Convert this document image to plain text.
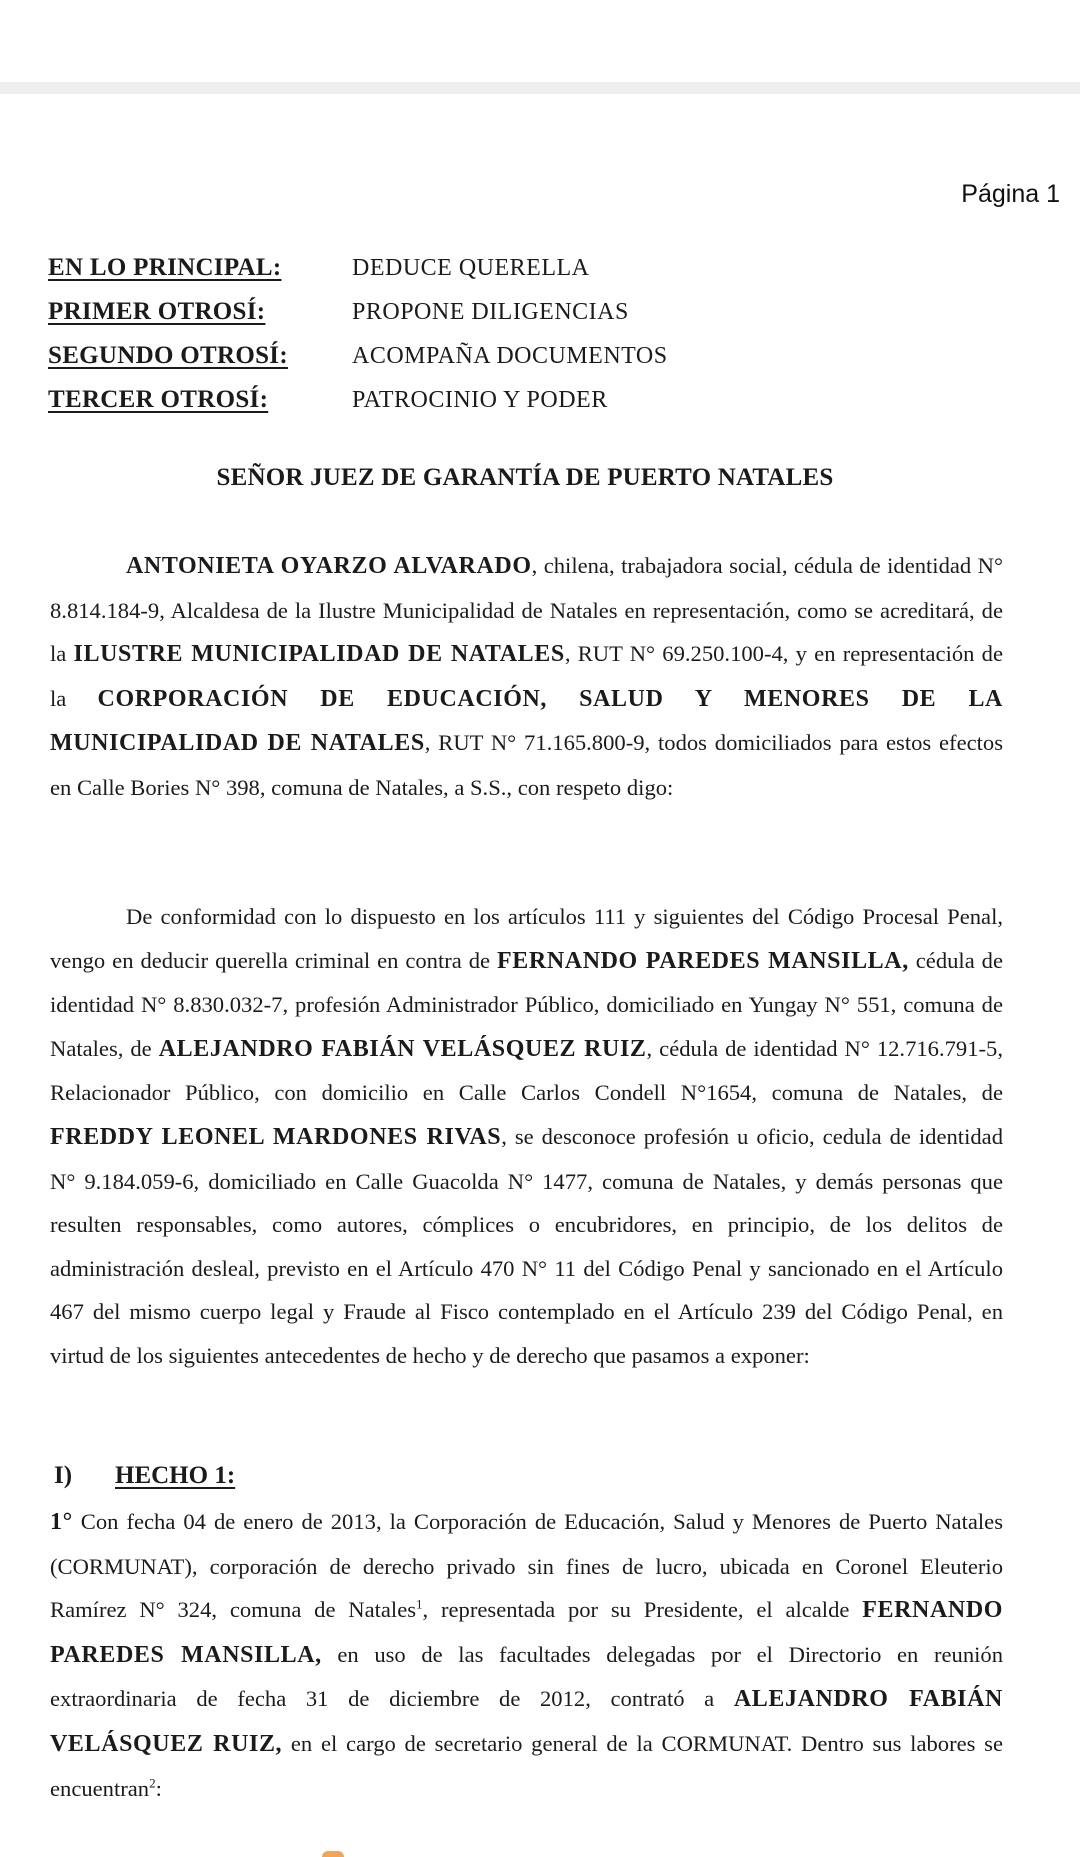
Página 1
EN LO PRINCIPAL:	DEDUCE QUERELLA
PRIMER OTROSÍ:	PROPONE DILIGENCIAS
SEGUNDO OTROSÍ:	ACOMPAÑA DOCUMENTOS
TERCER OTROSÍ:	PATROCINIO Y PODER
SEÑOR JUEZ DE GARANTÍA DE PUERTO NATALES

ANTONIETA OYARZO ALVARADO, chilena, trabajadora social, cédula de identidad N° 8.814.184-9, Alcaldesa de la Ilustre Municipalidad de Natales en representación, como se acreditará, de la ILUSTRE MUNICIPALIDAD DE NATALES, RUT N° 69.250.100-4, y en representación de la CORPORACIÓN DE EDUCACIÓN, SALUD Y MENORES DE LA MUNICIPALIDAD DE NATALES, RUT N° 71.165.800-9, todos domiciliados para estos efectos en Calle Bories N° 398, comuna de Natales, a S.S., con respeto digo:

De conformidad con lo dispuesto en los artículos 111 y siguientes del Código Procesal Penal, vengo en deducir querella criminal en contra de FERNANDO PAREDES MANSILLA, cédula de identidad N° 8.830.032-7, profesión Administrador Público, domiciliado en Yungay N° 551, comuna de Natales, de ALEJANDRO FABIÁN VELÁSQUEZ RUIZ, cédula de identidad N° 12.716.791-5, Relacionador Público, con domicilio en Calle Carlos Condell N°1654, comuna de Natales, de FREDDY LEONEL MARDONES RIVAS, se desconoce profesión u oficio, cedula de identidad N° 9.184.059-6, domiciliado en Calle Guacolda N° 1477, comuna de Natales, y demás personas que resulten responsables, como autores, cómplices o encubridores, en principio, de los delitos de administración desleal, previsto en el Artículo 470 N° 11 del Código Penal y sancionado en el Artículo 467 del mismo cuerpo legal y Fraude al Fisco contemplado en el Artículo 239 del Código Penal, en virtud de los siguientes antecedentes de hecho y de derecho que pasamos a exponer:

I)	HECHO 1:

1° Con fecha 04 de enero de 2013, la Corporación de Educación, Salud y Menores de Puerto Natales (CORMUNAT), corporación de derecho privado sin fines de lucro, ubicada en Coronel Eleuterio Ramírez N° 324, comuna de Natales$^1$, representada por su Presidente, el alcalde FERNANDO PAREDES MANSILLA, en uso de las facultades delegadas por el Directorio en reunión extraordinaria de fecha 31 de diciembre de 2012, contrató a ALEJANDRO FABIÁN VELÁSQUEZ RUIZ, en el cargo de secretario general de la CORMUNAT. Dentro sus labores se encuentran$^2$:
